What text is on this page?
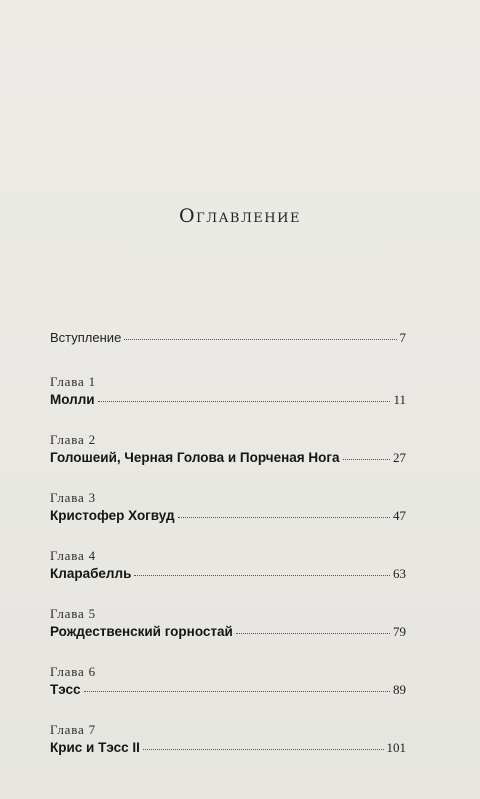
Оглавление
Вступление	7
Глава 1
Молли	11
Глава 2
Голошеий, Черная Голова и Порченая Нога	27
Глава 3
Кристофер Хогвуд	47
Глава 4
Кларабелль	63
Глава 5
Рождественский горностай	79
Глава 6
Тэсс	89
Глава 7
Крис и Тэсс II	101
